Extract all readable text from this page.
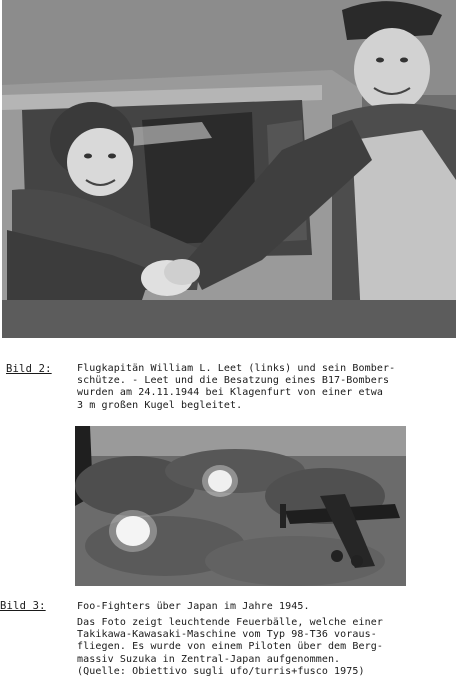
Bild 2:	Flugkapitän William L. Leet (links) und sein Bomber-
schütze. - Leet und die Besatzung eines B17-Bombers
wurden am 24.11.1944 bei Klagenfurt von einer etwa
3 m großen Kugel begleitet.
Bild 3:	Foo-Fighters über Japan im Jahre 1945.
Das Foto zeigt leuchtende Feuerbälle, welche einer
Takikawa-Kawasaki-Maschine vom Typ 98-T36 voraus-
fliegen. Es wurde von einem Piloten über dem Berg-
massiv Suzuka in Zentral-Japan aufgenommen.
(Quelle: Obiettivo sugli ufo/turris+fusco 1975)
